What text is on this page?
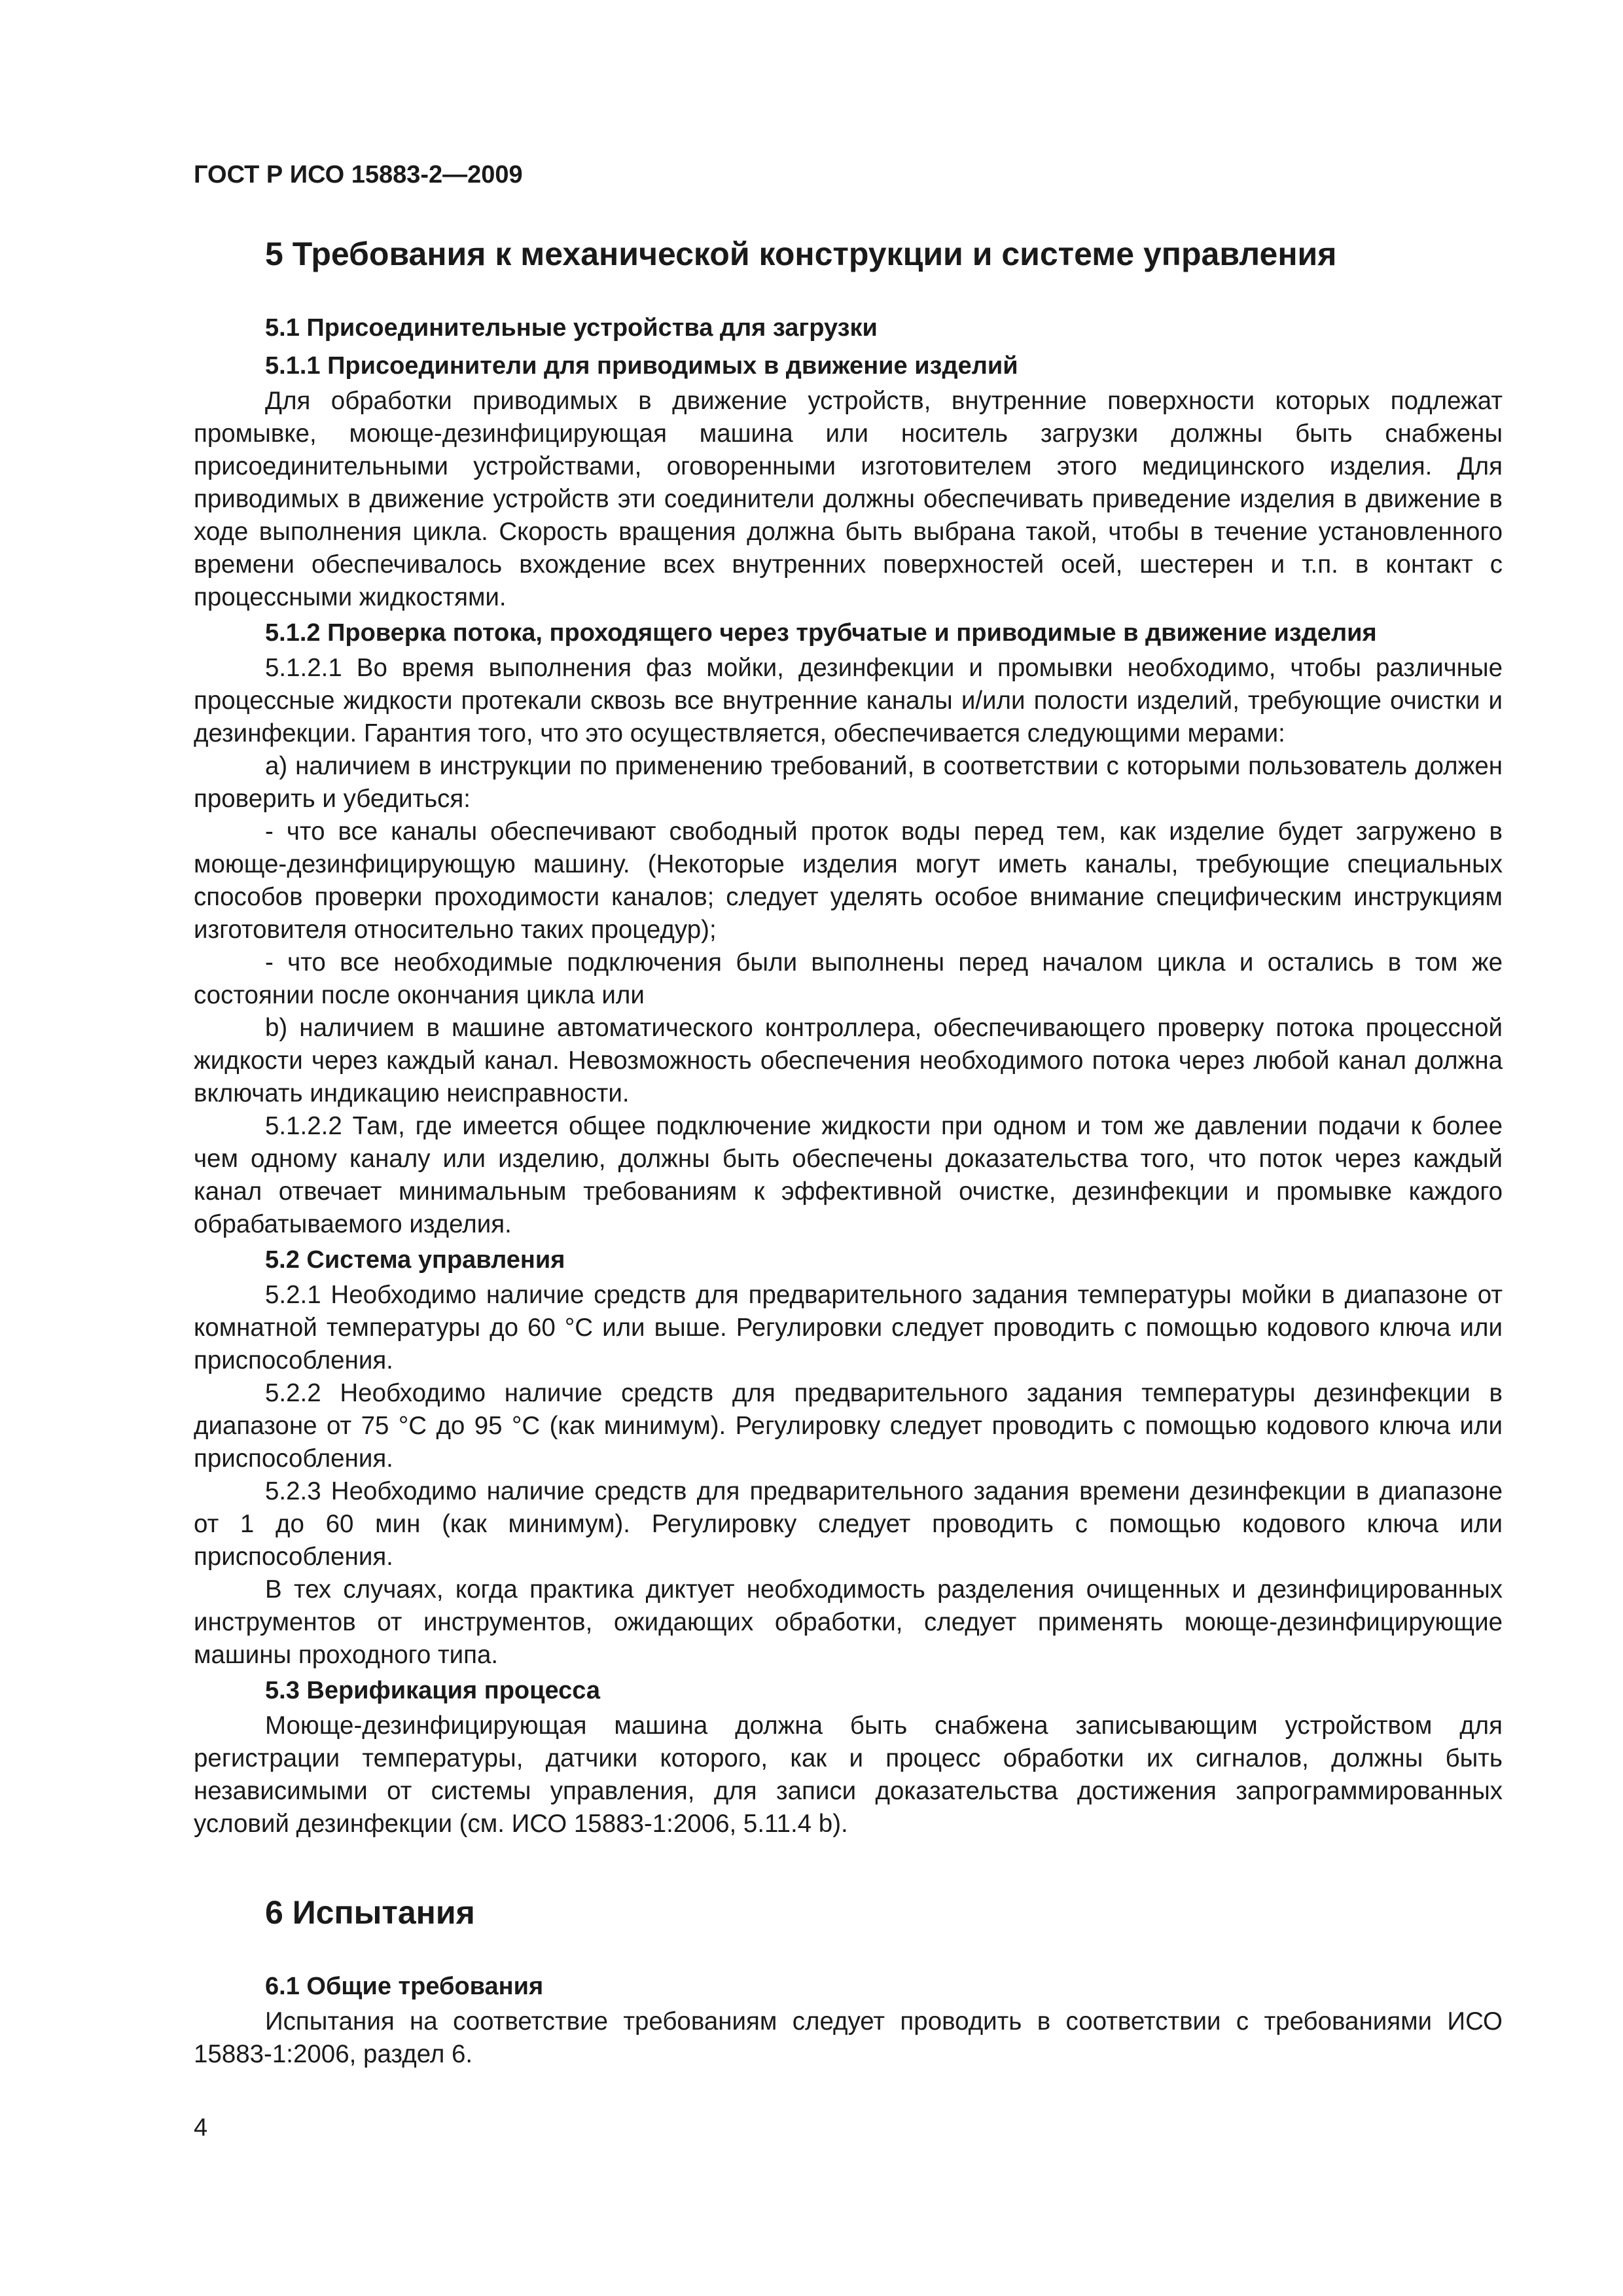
ГОСТ Р ИСО 15883-2—2009
5 Требования к механической конструкции и системе управления
5.1 Присоединительные устройства для загрузки
5.1.1 Присоединители для приводимых в движение изделий

Для обработки приводимых в движение устройств, внутренние поверхности которых подлежат промывке, моюще-дезинфицирующая машина или носитель загрузки должны быть снабжены присоединительными устройствами, оговоренными изготовителем этого медицинского изделия. Для приводимых в движение устройств эти соединители должны обеспечивать приведение изделия в движение в ходе выполнения цикла. Скорость вращения должна быть выбрана такой, чтобы в течение установленного времени обеспечивалось вхождение всех внутренних поверхностей осей, шестерен и т.п. в контакт с процессными жидкостями.

5.1.2 Проверка потока, проходящего через трубчатые и приводимые в движение изделия

5.1.2.1 Во время выполнения фаз мойки, дезинфекции и промывки необходимо, чтобы различные процессные жидкости протекали сквозь все внутренние каналы и/или полости изделий, требующие очистки и дезинфекции. Гарантия того, что это осуществляется, обеспечивается следующими мерами:

a) наличием в инструкции по применению требований, в соответствии с которыми пользователь должен проверить и убедиться:

- что все каналы обеспечивают свободный проток воды перед тем, как изделие будет загружено в моюще-дезинфицирующую машину. (Некоторые изделия могут иметь каналы, требующие специальных способов проверки проходимости каналов; следует уделять особое внимание специфическим инструкциям изготовителя относительно таких процедур);

- что все необходимые подключения были выполнены перед началом цикла и остались в том же состоянии после окончания цикла или

b) наличием в машине автоматического контроллера, обеспечивающего проверку потока процессной жидкости через каждый канал. Невозможность обеспечения необходимого потока через любой канал должна включать индикацию неисправности.

5.1.2.2 Там, где имеется общее подключение жидкости при одном и том же давлении подачи к более чем одному каналу или изделию, должны быть обеспечены доказательства того, что поток через каждый канал отвечает минимальным требованиям к эффективной очистке, дезинфекции и промывке каждого обрабатываемого изделия.

5.2 Система управления

5.2.1 Необходимо наличие средств для предварительного задания температуры мойки в диапазоне от комнатной температуры до 60 °C или выше. Регулировки следует проводить с помощью кодового ключа или приспособления.

5.2.2 Необходимо наличие средств для предварительного задания температуры дезинфекции в диапазоне от 75 °C до 95 °C (как минимум). Регулировку следует проводить с помощью кодового ключа или приспособления.

5.2.3 Необходимо наличие средств для предварительного задания времени дезинфекции в диапазоне от 1 до 60 мин (как минимум). Регулировку следует проводить с помощью кодового ключа или приспособления.

В тех случаях, когда практика диктует необходимость разделения очищенных и дезинфицированных инструментов от инструментов, ожидающих обработки, следует применять моюще-дезинфицирующие машины проходного типа.

5.3 Верификация процесса

Моюще-дезинфицирующая машина должна быть снабжена записывающим устройством для регистрации температуры, датчики которого, как и процесс обработки их сигналов, должны быть независимыми от системы управления, для записи доказательства достижения запрограммированных условий дезинфекции (см. ИСО 15883-1:2006, 5.11.4 b).

6 Испытания
6.1 Общие требования

Испытания на соответствие требованиям следует проводить в соответствии с требованиями ИСО 15883-1:2006, раздел 6.

4
